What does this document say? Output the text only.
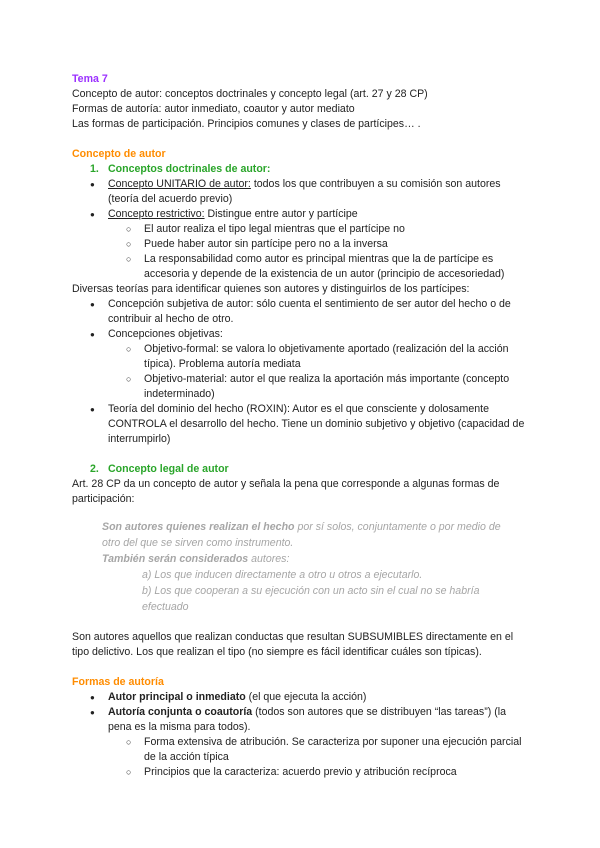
Tema 7

Concepto de autor: conceptos doctrinales y concepto legal (art. 27 y 28 CP)

Formas de autoría: autor inmediato, coautor y autor mediato

Las formas de participación. Principios comunes y clases de partícipes… .

Concepto de autor

1. Conceptos doctrinales de autor:
●	Concepto UNITARIO de autor: todos los que contribuyen a su comisión son autores (teoría del acuerdo previo)
●	Concepto restrictivo: Distingue entre autor y partícipe
○	El autor realiza el tipo legal mientras que el partícipe no
○	Puede haber autor sin partícipe pero no a la inversa
○	La responsabilidad como autor es principal mientras que la de partícipe es accesoria y depende de la existencia de un autor (principio de accesoriedad)

Diversas teorías para identificar quienes son autores y distinguirlos de los partícipes:

●	Concepción subjetiva de autor: sólo cuenta el sentimiento de ser autor del hecho o de contribuir al hecho de otro.
●	Concepciones objetivas:
○	Objetivo-formal: se valora lo objetivamente aportado (realización del la acción típica). Problema autoría mediata
○	Objetivo-material: autor el que realiza la aportación más importante (concepto indeterminado)
●	Teoría del dominio del hecho (ROXIN): Autor es el que consciente y dolosamente CONTROLA el desarrollo del hecho. Tiene un dominio subjetivo y objetivo (capacidad de interrumpirlo)
2. Concepto legal de autor

Art. 28 CP da un concepto de autor y señala la pena que corresponde a algunas formas de participación:

Son autores quienes realizan el hecho por sí solos, conjuntamente o por medio de otro del que se sirven como instrumento.

También serán considerados autores:

a) Los que inducen directamente a otro u otros a ejecutarlo.

b) Los que cooperan a su ejecución con un acto sin el cual no se habría efectuado

Son autores aquellos que realizan conductas que resultan SUBSUMIBLES directamente en el tipo delictivo. Los que realizan el tipo (no siempre es fácil identificar cuáles son típicas).

Formas de autoría

●	Autor principal o inmediato (el que ejecuta la acción)
●	Autoría conjunta o coautoría (todos son autores que se distribuyen “las tareas”) (la pena es la misma para todos).
○	Forma extensiva de atribución. Se caracteriza por suponer una ejecución parcial de la acción típica
○	Principios que la caracteriza: acuerdo previo y atribución recíproca
